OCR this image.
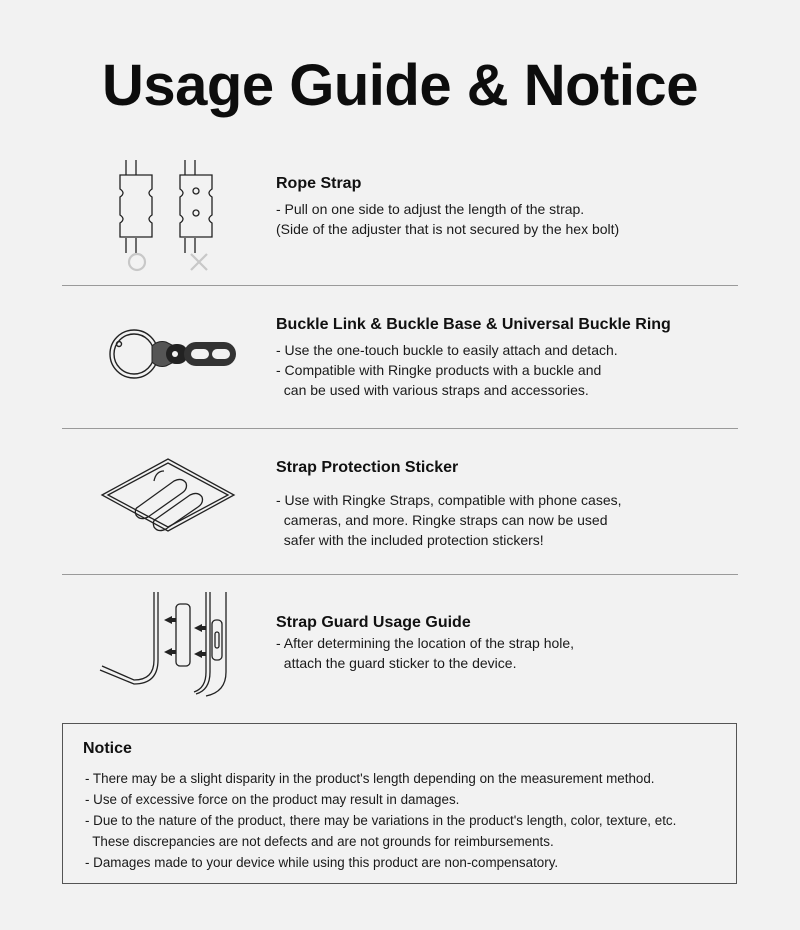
Usage Guide & Notice
Rope Strap
- Pull on one side to adjust the length of the strap.
(Side of the adjuster that is not secured by the hex bolt)
Buckle Link & Buckle Base & Universal Buckle Ring
- Use the one-touch buckle to easily attach and detach.
- Compatible with Ringke products with a buckle and
can be used with various straps and accessories.
Strap Protection Sticker
- Use with Ringke Straps, compatible with phone cases,
cameras, and more. Ringke straps can now be used
safer with the included protection stickers!
Strap Guard Usage Guide
- After determining the location of the strap hole,
attach the guard sticker to the device.
Notice
- There may be a slight disparity in the product's length depending on the measurement method.
- Use of excessive force on the product may result in damages.
- Due to the nature of the product, there may be variations in the product's length, color, texture, etc.
These discrepancies are not defects and are not grounds for reimbursements.
- Damages made to your device while using this product are non-compensatory.
